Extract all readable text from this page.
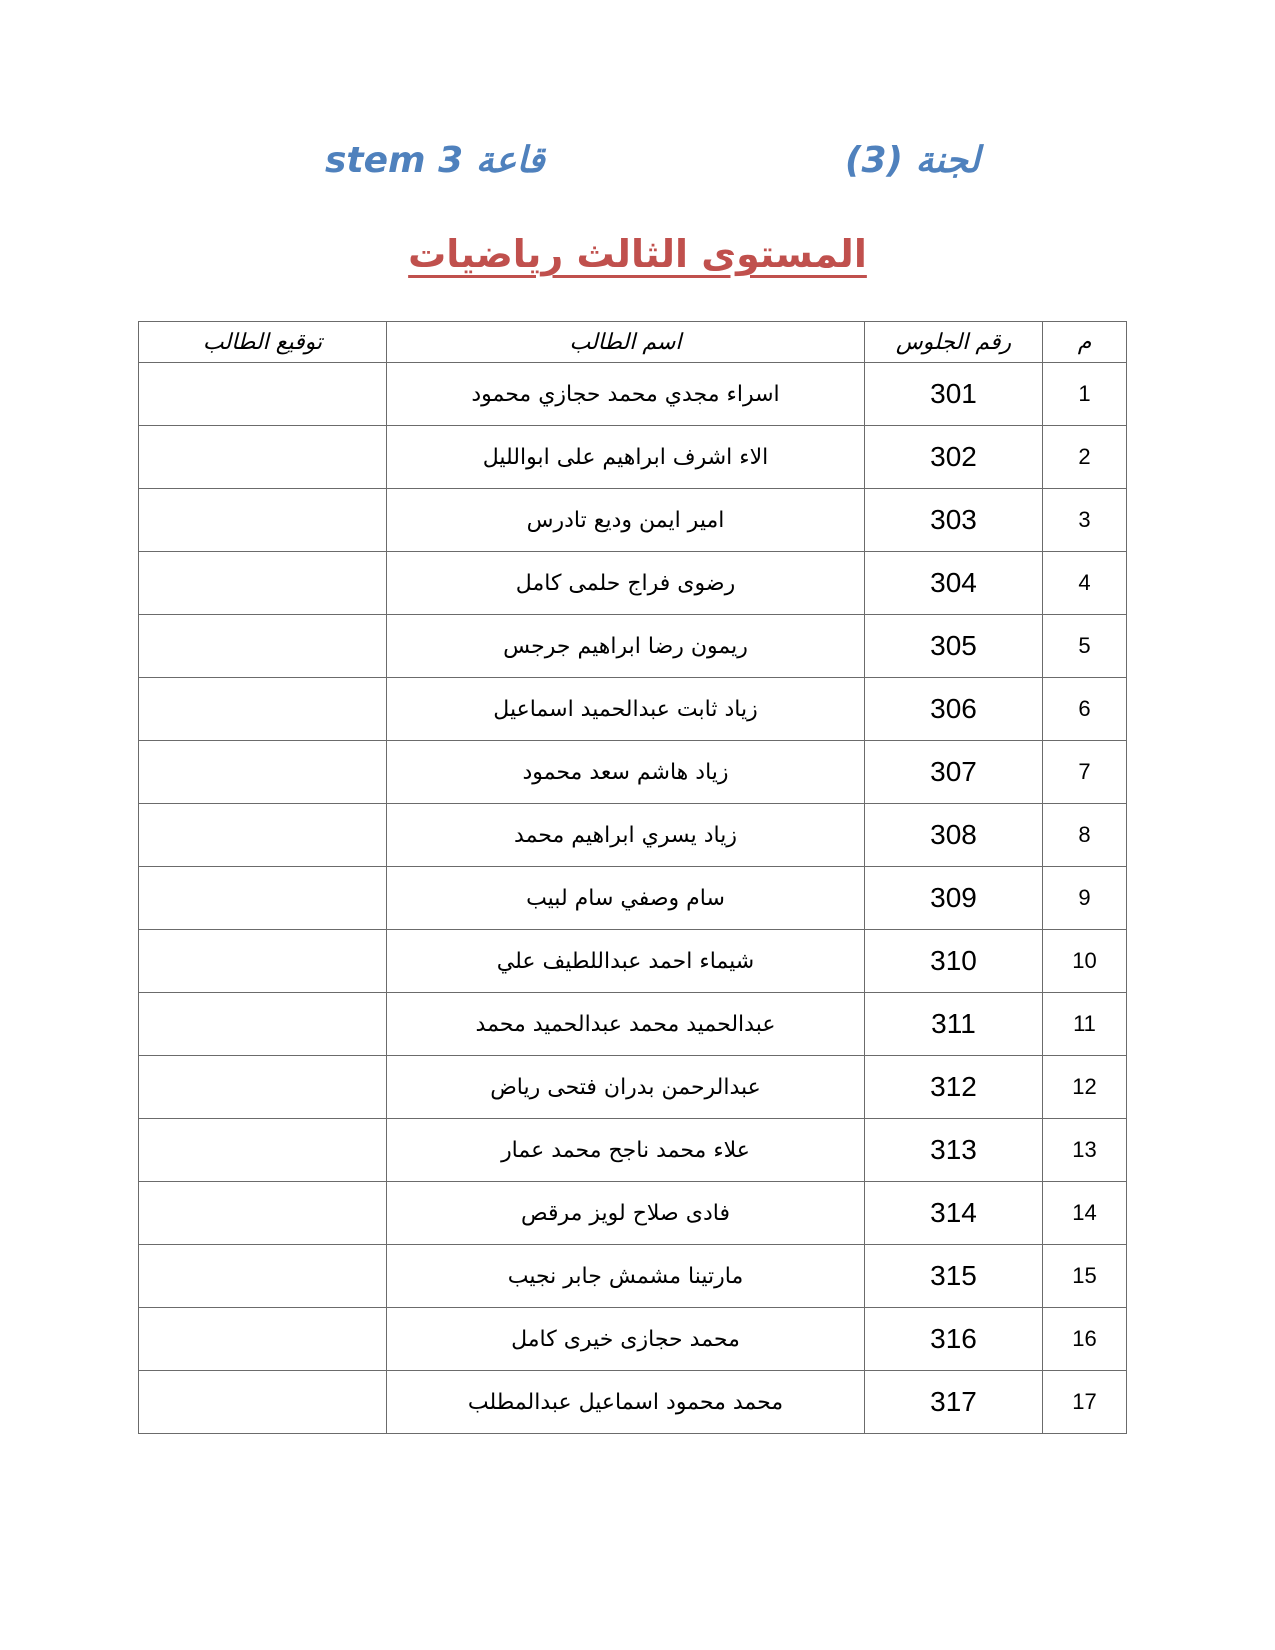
لجنة (3)
قاعة stem 3
المستوى الثالث رياضيات
م	رقم الجلوس	اسم الطالب	توقيع الطالب
1	301	اسراء مجدي محمد حجازي محمود	
2	302	الاء اشرف ابراهيم على ابوالليل	
3	303	امير ايمن وديع تادرس	
4	304	رضوى فراج حلمى كامل	
5	305	ريمون رضا ابراهيم جرجس	
6	306	زياد ثابت عبدالحميد اسماعيل	
7	307	زياد هاشم سعد محمود	
8	308	زياد يسري ابراهيم محمد	
9	309	سام وصفي سام لبيب	
10	310	شيماء احمد عبداللطيف علي	
11	311	عبدالحميد محمد عبدالحميد محمد	
12	312	عبدالرحمن بدران فتحى رياض	
13	313	علاء محمد ناجح محمد عمار	
14	314	فادى صلاح لويز مرقص	
15	315	مارتينا مشمش جابر نجيب	
16	316	محمد حجازى خيرى كامل	
17	317	محمد محمود اسماعيل عبدالمطلب	
